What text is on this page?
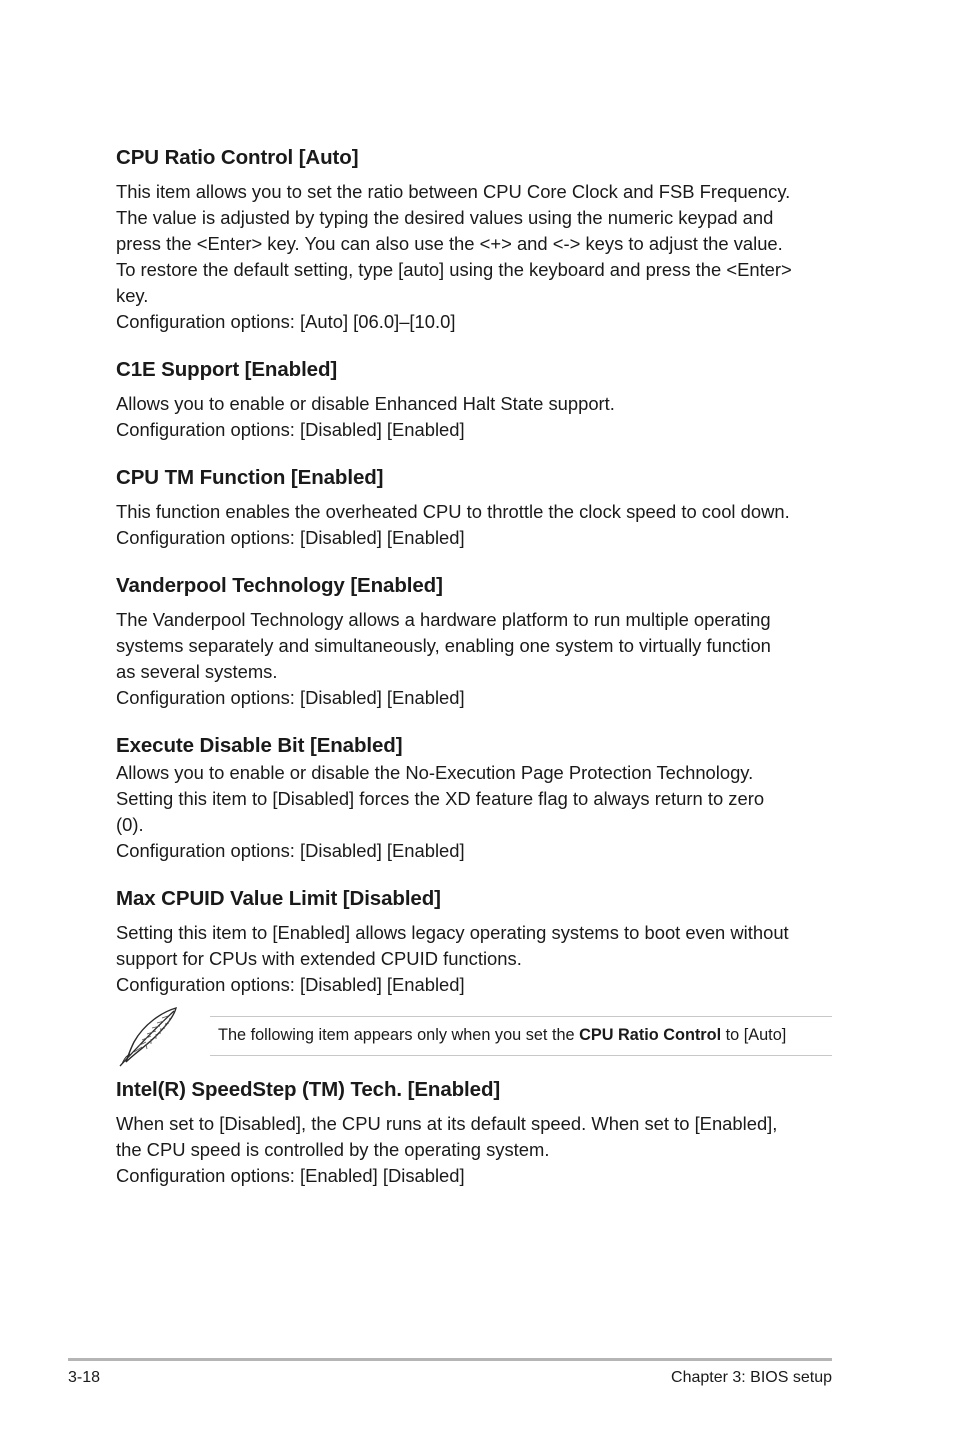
CPU Ratio Control [Auto]
This item allows you to set the ratio between CPU Core Clock and FSB Frequency.
The value is adjusted by typing the desired values using the numeric keypad and
press the <Enter> key. You can also use the <+> and <-> keys to adjust the value.
To restore the default setting, type [auto] using the keyboard and press the <Enter>
key.
Configuration options: [Auto] [06.0]–[10.0]
C1E Support [Enabled]
Allows you to enable or disable Enhanced Halt State support.
Configuration options: [Disabled] [Enabled]
CPU TM Function [Enabled]
This function enables the overheated CPU to throttle the clock speed to cool down.
Configuration options: [Disabled] [Enabled]
Vanderpool Technology [Enabled]
The Vanderpool Technology allows a hardware platform to run multiple operating
systems separately and simultaneously, enabling one system to virtually function
as several systems.
Configuration options: [Disabled] [Enabled]
Execute Disable Bit [Enabled]
Allows you to enable or disable the No-Execution Page Protection Technology.
Setting this item to [Disabled] forces the XD feature flag to always return to zero
(0).
Configuration options: [Disabled] [Enabled]
Max CPUID Value Limit [Disabled]
Setting this item to [Enabled] allows legacy operating systems to boot even without
support for CPUs with extended CPUID functions.
Configuration options: [Disabled] [Enabled]
The following item appears only when you set the CPU Ratio Control to [Auto]
Intel(R) SpeedStep (TM) Tech. [Enabled]
When set to [Disabled], the CPU runs at its default speed. When set to [Enabled],
the CPU speed is controlled by the operating system.
Configuration options: [Enabled] [Disabled]
3-18	Chapter 3: BIOS setup
